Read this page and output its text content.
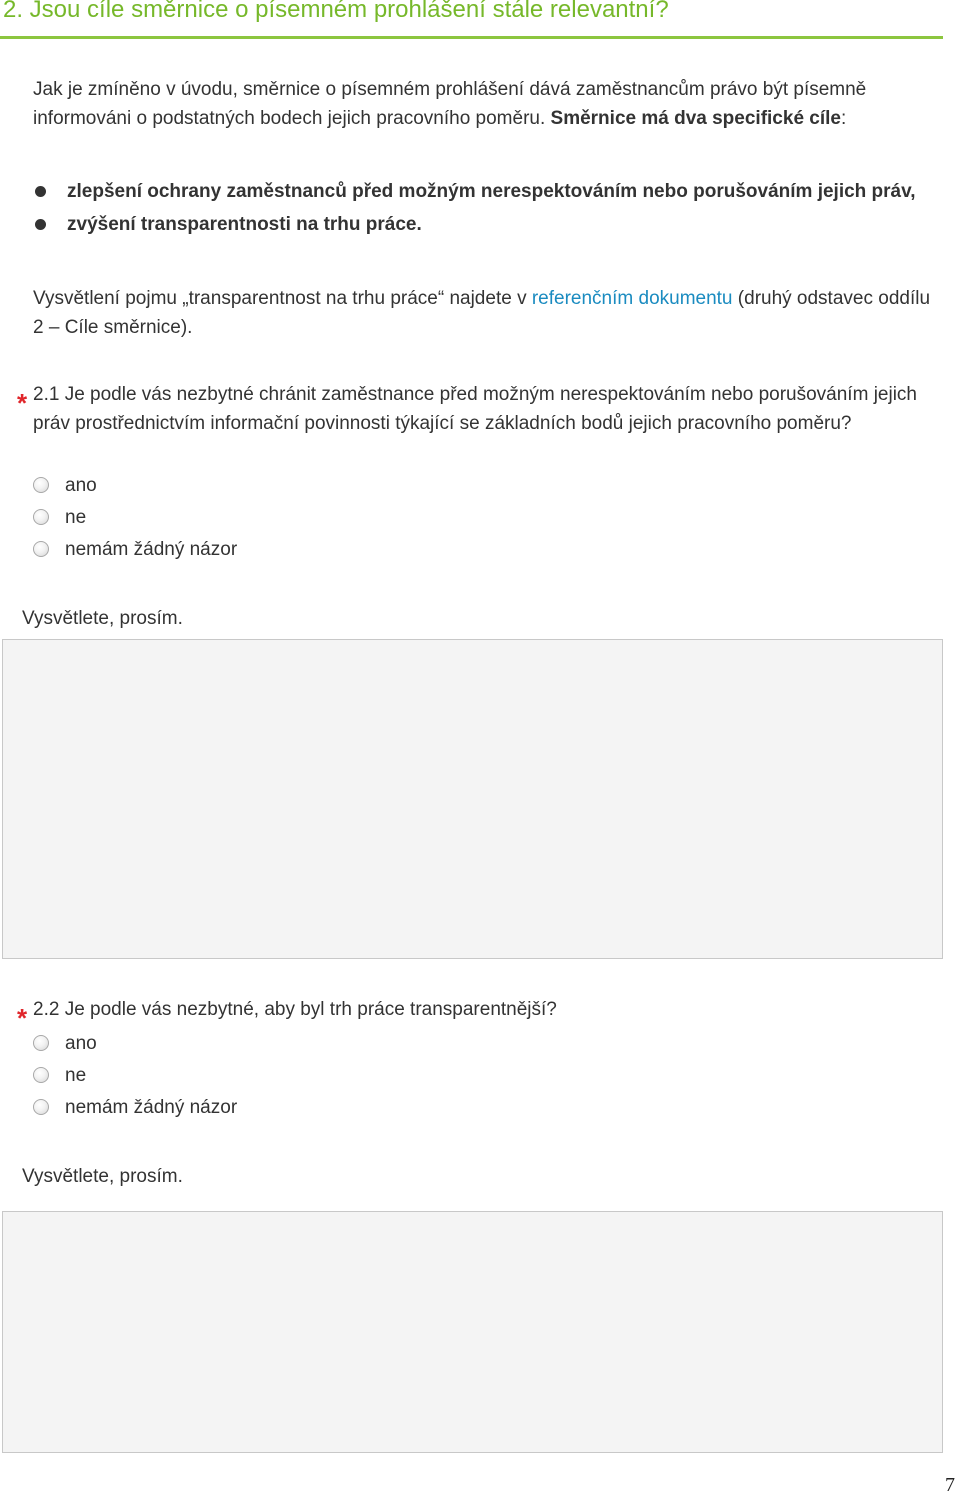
2. Jsou cíle směrnice o písemném prohlášení stále relevantní?
Jak je zmíněno v úvodu, směrnice o písemném prohlášení dává zaměstnancům právo být písemně informováni o podstatných bodech jejich pracovního poměru. Směrnice má dva specifické cíle:
zlepšení ochrany zaměstnanců před možným nerespektováním nebo porušováním jejich práv,
zvýšení transparentnosti na trhu práce.
Vysvětlení pojmu „transparentnost na trhu práce“ najdete v referenčním dokumentu (druhý odstavec oddílu 2 – Cíle směrnice).
* 2.1 Je podle vás nezbytné chránit zaměstnance před možným nerespektováním nebo porušováním jejich práv prostřednictvím informační povinnosti týkající se základních bodů jejich pracovního poměru?
ano
ne
nemám žádný názor
Vysvětlete, prosím.
* 2.2 Je podle vás nezbytné, aby byl trh práce transparentnější?
ano
ne
nemám žádný názor
Vysvětlete, prosím.
7
